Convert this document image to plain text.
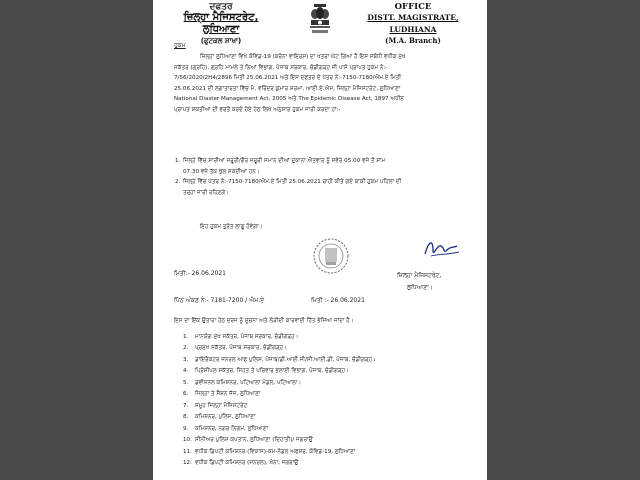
ਦਫਤਰ
ਜ਼ਿਲ੍ਹਾ ਮੈਜਿਸਟਰੇਟ, ਲੁਧਿਆਣਾ
(ਫੁਟਕਲ ਸ਼ਾਖਾ)
OFFICE
DISTT. MAGISTRATE, LUDHIANA
(M.A. Branch)
ਹੁਕਮ
ਜ਼ਿਲ੍ਹਾ ਲੁਧਿਆਣਾ ਵਿਖੇ ਕੋਵਿਡ-19 (ਕਰੋਨਾ ਵਾਇਰਸ) ਦਾ ਖਤਰਾ ਘੱਟ ਗਿਆ ਹੈ ਇਸ ਸਬੰਧੀ ਵਧੀਕ ਮੁੱਖ
ਸਕੱਤਰ (ਗ੍ਰਹਿ), ਗ੍ਰਹਿ ਮਾਮਲੇ ਤੇ ਨਿਆਂ ਵਿਭਾਗ, ਪੰਜਾਬ ਸਰਕਾਰ, ਚੰਡੀਗੜ੍ਹ ਜੀ ਪਾਸੋ ਪ੍ਰਾਪਤ ਹੁਕਮ ਨੰ:-
7/56/2020/2H4/2896 ਮਿਤੀ 25.06.2021 ਅਤੇ ਇਸ ਦਫਤਰ ਦੇ ਪੱਤਰ ਨੰ:-7150-7180/ਐਮ.ਏ ਮਿਤੀ
25.06.2021 ਦੀ ਲਗਾਤਾਰਤਾ ਵਿੱਚ ਮੈ, ਵਰਿੰਦਰ ਕੁਮਾਰ ਸ਼ਰਮਾ, ਆਈ.ਏ.ਐਸ, ਜ਼ਿਲ੍ਹਾ ਮੈਜਿਸਟਰੇਟ, ਲੁਧਿਆਣਾ
National Diaster Management Act, 2005 ਅਤੇ The Epidemic Disease Act, 1897 ਅਧੀਨ
ਪ੍ਰਾਪਤ ਸ਼ਕਤੀਆਂ ਦੀ ਵਰਤੋਂ ਕਰਦੇ ਹੋਏ ਹੇਠ ਲਿਖੇ ਅਨੁਸਾਰ ਹੁਕਮ ਜਾਰੀ ਕਰਦਾ ਹਾਂ:-
1. ਜਿਲ੍ਹੇ ਵਿੱਚ ਸਾਰੀਆਂ ਜਰੂਰੀ/ਗੈਰ ਜਰੂਰੀ ਸਮਾਨ ਦੀਆਂ ਦੁਕਾਨਾ ਐਤਵਾਰ ਨੂੰ ਸਵੇਰੇ 05.00 ਵਜੇ ਤੋਂ ਸ਼ਾਮ
07.30 ਵਜੇ ਤੱਕ ਖੁੱਲ ਸਕਦੀਆਂ ਹਨ।
2. ਜਿਲ੍ਹੇ ਵਿੱਚ ਪੱਤਰ ਨੰ:-7150-7180/ਐਮ.ਏ ਮਿਤੀ 25.06.2021 ਰਾਹੀ ਕੀਤੇ ਗਏ ਬਾਕੀ ਹੁਕਮ ਪਹਿਲਾ ਦੀ
ਤਰ੍ਹਾਂ ਜਾਰੀ ਰਹਿਣਗੇ।
ਇਹ ਹੁਕਮ ਤੁਰੰਤ ਲਾਗੂ ਹੋਵੇਗਾ।
ਮਿਤੀ:- 26.06.2021	ਜ਼ਿਲ੍ਹਾ ਮੈਜਿਸਟਰੇਟ,
ਲੁਧਿਆਣਾ।
ਪਿੱਠ ਅੰਕਣ ਨੰ:- 7181-7200 / ਐਮ.ਏ	ਮਿਤੀ :- 26.06.2021
ਇਸ ਦਾ ਇੱਕ ਉਤਾਰਾ ਹੇਠ ਦਰਜ ਨੂੰ ਸੂਚਨਾ ਅਤੇ ਲੋੜੀਦੀ ਕਾਰਵਾਈ ਹਿੱਤ ਭੇਜਿਆ ਜਾਂਦਾ ਹੈ।
1. ਮਾਨਯੋਗ ਮੁੱਖ ਸਕੱਤਰ, ਪੰਜਾਬ ਸਰਕਾਰ, ਚੰਡੀਗੜ੍ਹ।
2. ਪ੍ਰਮੁੱਖ ਸਕੱਤਰ, ਪੰਜਾਬ ਸਰਕਾਰ, ਚੰਡੀਗੜ੍ਹ।
3. ਡਾਇਰੈਕਟਰ ਜਨਰਲ ਆਫ ਪੁਲਿਸ, ਪੰਜਾਬ/ਡੀ.ਆਈ.ਜੀ/ਸੀ.ਆਈ.ਡੀ, ਪੰਜਾਬ, ਚੰਡੀਗੜ੍ਹ।
4. ਪ੍ਰਿੰਸੀਪਲ ਸਕੱਤਰ, ਸਿਹਤ ਤੇ ਪਰਿਵਾਰ ਭਲਾਈ ਵਿਭਾਗ, ਪੰਜਾਬ, ਚੰਡੀਗੜ੍ਹ।
5. ਡਵੀਜ਼ਨਲ ਕਮਿਸ਼ਨਰ, ਪਟਿਆਲਾ ਮੰਡਲ, ਪਟਿਆਲਾ।
6. ਜਿਲ੍ਹਾ ਤੇ ਸੈਸ਼ਨ ਜੱਜ, ਲੁਧਿਆਣਾ
7. ਸਮੂਹ ਜਿਲ੍ਹਾ ਮੈਜਿਸਟਰੇਟ
8. ਕਮਿਸ਼ਨਰ, ਪੁਲਿਸ, ਲੁਧਿਆਣਾ
9. ਕਮਿਸ਼ਨਰ, ਨਗਰ ਨਿਗਮ, ਲੁਧਿਆਣਾ
10. ਸੀਨੀਅਰ ਪੁਲਿਸ ਕਪਤਾਨ, ਲੁਧਿਆਣਾ (ਦਿਹਾਤੀ)/ ਜਗਰਾਉਂ
11. ਵਧੀਕ ਡਿਪਟੀ ਕਮਿਸ਼ਨਰ (ਵਿਕਾਸ)-ਕਮ-ਨੋਡਲ ਅਫਸਰ, ਕੋਵਿਡ-19, ਲੁਧਿਆਣਾ
12. ਵਧੀਕ ਡਿਪਟੀ ਕਮਿਸ਼ਨਰ (ਜਨਰਲ), ਖੰਨਾ, ਜਗਰਾਉਂ
